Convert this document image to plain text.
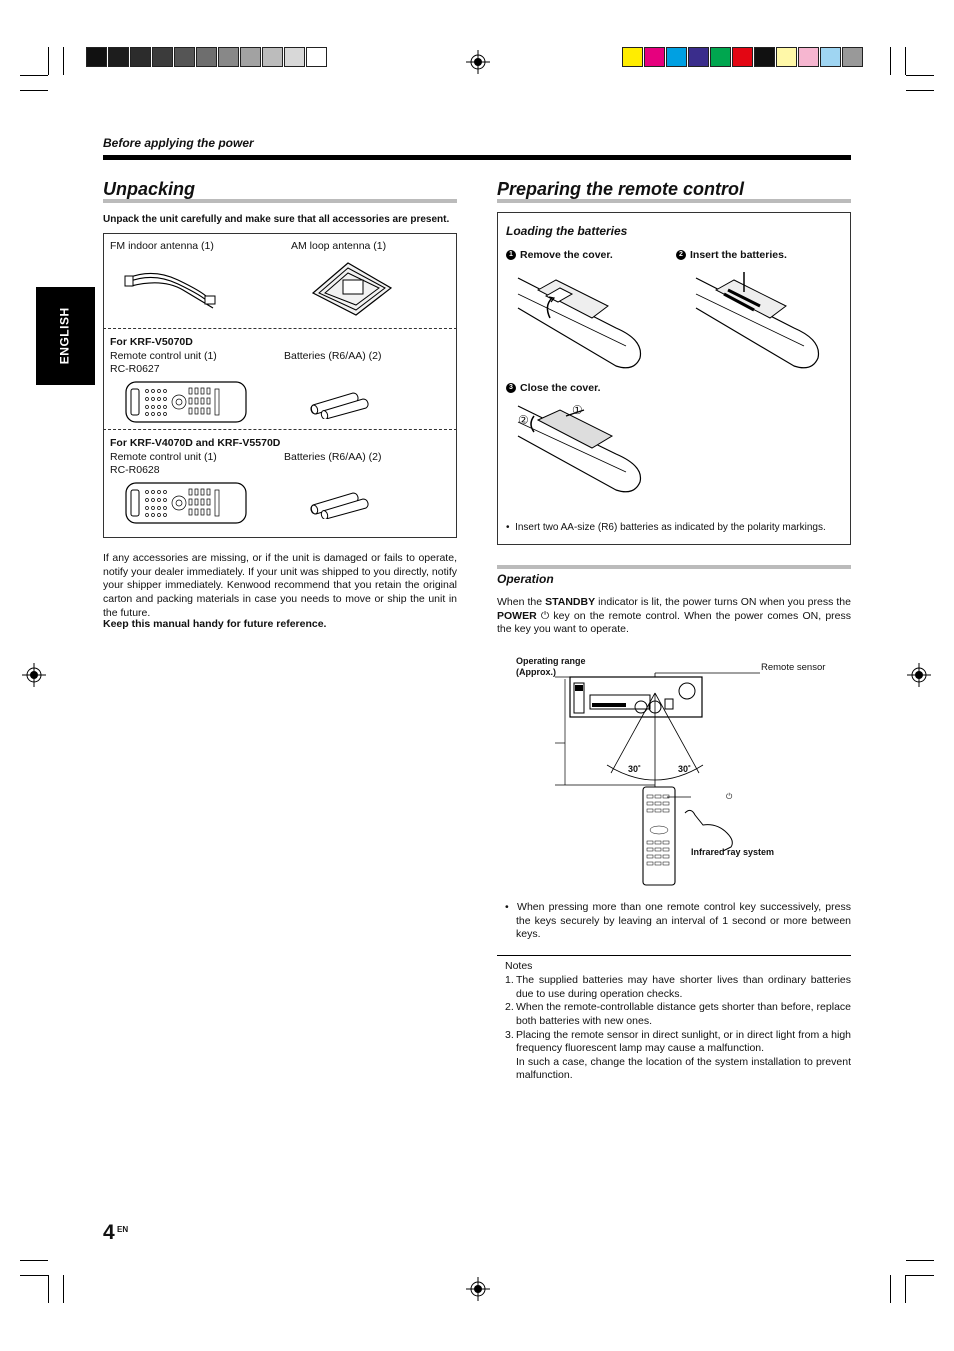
Before applying the power
ENGLISH
Unpacking
Unpack the unit carefully and make sure that all accessories are present.
FM indoor antenna (1)	AM loop antenna (1)
For KRF-V5070D
Remote control unit (1)
RC-R0627
Batteries (R6/AA) (2)
For KRF-V4070D and KRF-V5570D
Remote control unit (1)
RC-R0628
Batteries (R6/AA) (2)
If any accessories are missing, or if the unit is damaged or fails to operate, notify your dealer immediately. If your unit was shipped to you directly, notify your shipper immediately. Kenwood recommend that you retain the original carton and packing materials in case you needs to move or ship the unit in the future.
Keep this manual handy for future reference.
Preparing the remote control
Loading the batteries
1 Remove the cover.	2 Insert the batteries.
3 Close the cover.
①
②
•  Insert two AA-size (R6) batteries as indicated by the polarity markings.
Operation
When the STANDBY indicator is lit, the power turns ON when you press the POWER ⏻ key on the remote control. When the power comes ON, press the key you want to operate.
Operating range
(Approx.)	Remote sensor
30˚	30˚
⏻
Infrared ray system
•  When pressing more than one remote control key successively, press the keys securely by leaving an interval of 1 second or more between keys.
Notes
1. The supplied batteries may have shorter lives than ordinary batteries due to use during operation checks.
2. When the remote-controllable distance gets shorter than before, replace both batteries with new ones.
3. Placing the remote sensor in direct sunlight, or in direct light from a high frequency fluorescent lamp may cause a malfunction.
In such a case, change the location of the system installation to prevent malfunction.
4 EN
